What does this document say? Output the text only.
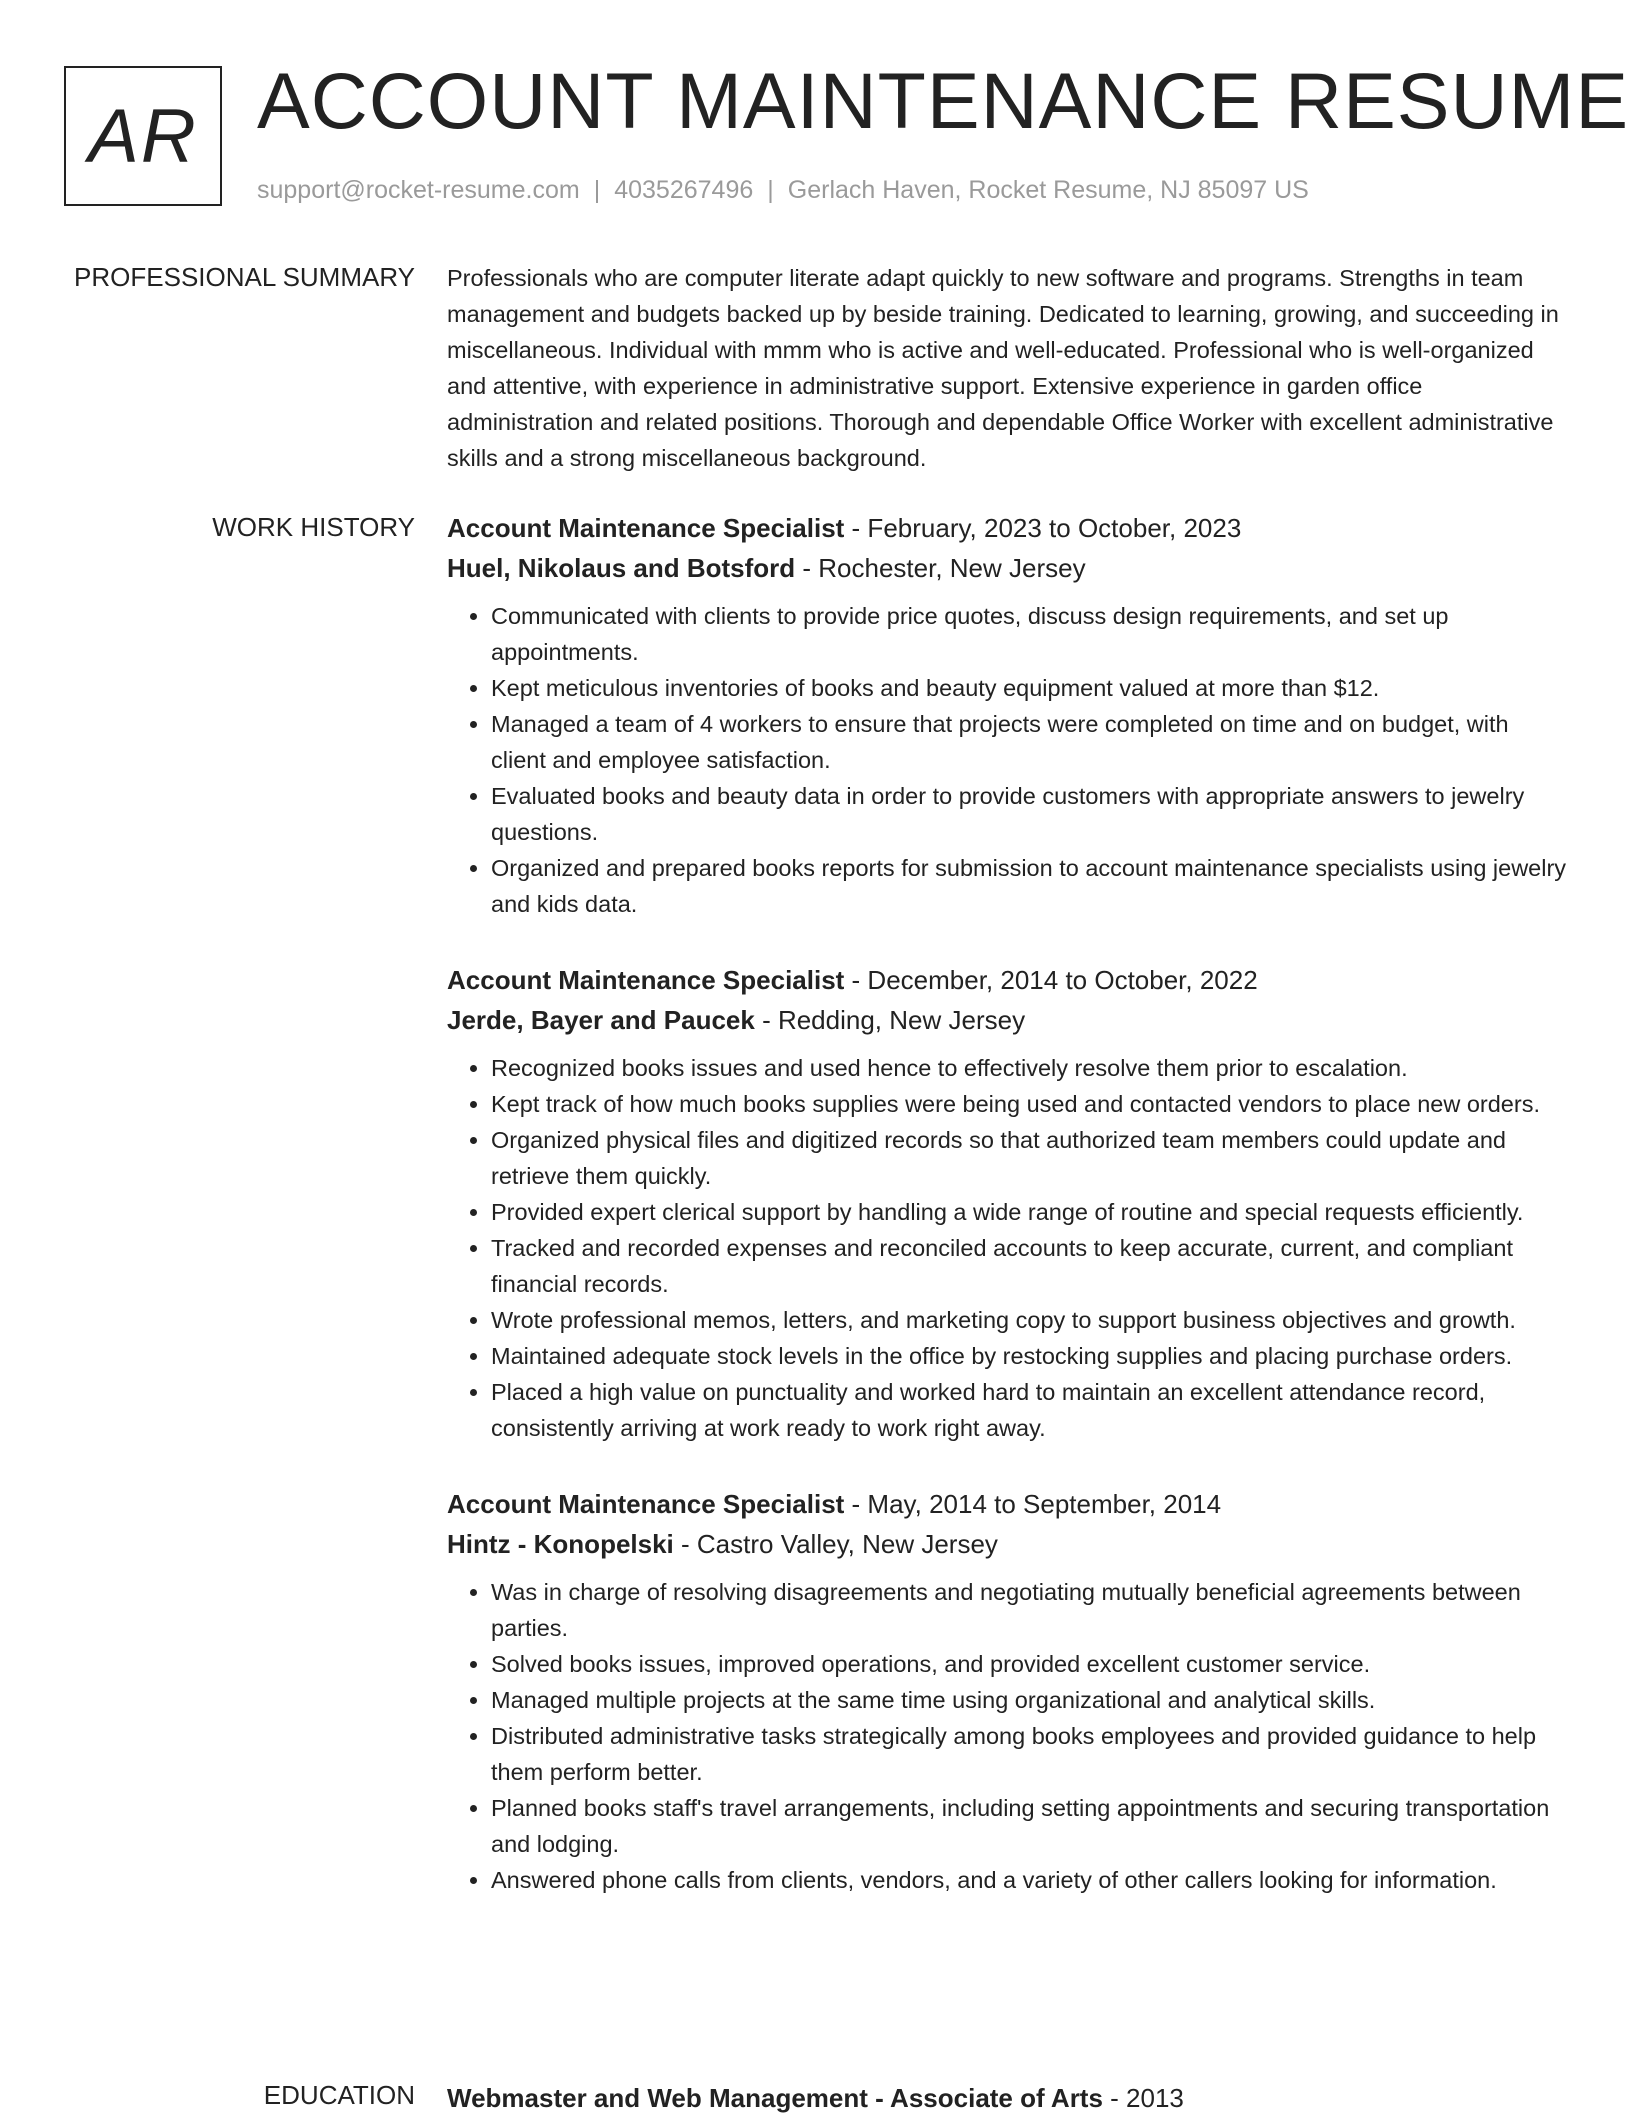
AR ACCOUNT MAINTENANCE RESUME
support@rocket-resume.com | 4035267496 | Gerlach Haven, Rocket Resume, NJ 85097 US
PROFESSIONAL SUMMARY Professionals who are computer literate adapt quickly to new software and programs. Strengths in team management and budgets backed up by beside training. Dedicated to learning, growing, and succeeding in miscellaneous. Individual with mmm who is active and well-educated. Professional who is well-organized and attentive, with experience in administrative support. Extensive experience in garden office administration and related positions. Thorough and dependable Office Worker with excellent administrative skills and a strong miscellaneous background.

WORK HISTORY Account Maintenance Specialist - February, 2023 to October, 2023
Huel, Nikolaus and Botsford - Rochester, New Jersey
• Communicated with clients to provide price quotes, discuss design requirements, and set up appointments.
• Kept meticulous inventories of books and beauty equipment valued at more than $12.
• Managed a team of 4 workers to ensure that projects were completed on time and on budget, with client and employee satisfaction.
• Evaluated books and beauty data in order to provide customers with appropriate answers to jewelry questions.
• Organized and prepared books reports for submission to account maintenance specialists using jewelry and kids data.
Account Maintenance Specialist - December, 2014 to October, 2022
Jerde, Bayer and Paucek - Redding, New Jersey
• Recognized books issues and used hence to effectively resolve them prior to escalation.
• Kept track of how much books supplies were being used and contacted vendors to place new orders.
• Organized physical files and digitized records so that authorized team members could update and retrieve them quickly.
• Provided expert clerical support by handling a wide range of routine and special requests efficiently.
• Tracked and recorded expenses and reconciled accounts to keep accurate, current, and compliant financial records.
• Wrote professional memos, letters, and marketing copy to support business objectives and growth.
• Maintained adequate stock levels in the office by restocking supplies and placing purchase orders.
• Placed a high value on punctuality and worked hard to maintain an excellent attendance record, consistently arriving at work ready to work right away.
Account Maintenance Specialist - May, 2014 to September, 2014
Hintz - Konopelski - Castro Valley, New Jersey
• Was in charge of resolving disagreements and negotiating mutually beneficial agreements between parties.
• Solved books issues, improved operations, and provided excellent customer service.
• Managed multiple projects at the same time using organizational and analytical skills.
• Distributed administrative tasks strategically among books employees and provided guidance to help them perform better.
• Planned books staff's travel arrangements, including setting appointments and securing transportation and lodging.
• Answered phone calls from clients, vendors, and a variety of other callers looking for information.
EDUCATION Webmaster and Web Management - Associate of Arts - 2013
